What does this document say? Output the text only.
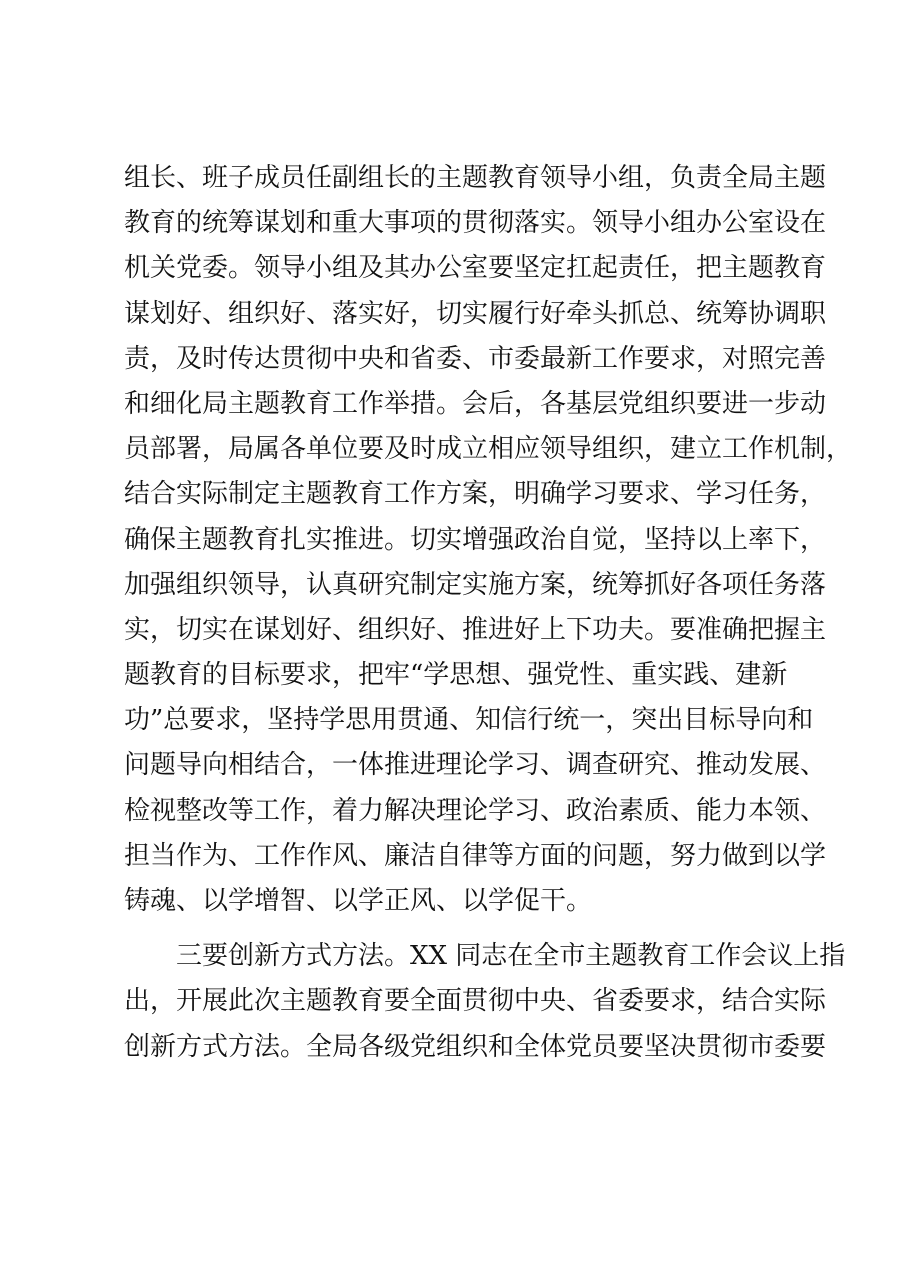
组长、班子成员任副组长的主题教育领导小组，负责全局主题
教育的统筹谋划和重大事项的贯彻落实。领导小组办公室设在
机关党委。领导小组及其办公室要坚定扛起责任，把主题教育
谋划好、组织好、落实好，切实履行好牵头抓总、统筹协调职
责，及时传达贯彻中央和省委、市委最新工作要求，对照完善
和细化局主题教育工作举措。会后，各基层党组织要进一步动
员部署，局属各单位要及时成立相应领导组织，建立工作机制，
结合实际制定主题教育工作方案，明确学习要求、学习任务，
确保主题教育扎实推进。切实增强政治自觉，坚持以上率下，
加强组织领导，认真研究制定实施方案，统筹抓好各项任务落
实，切实在谋划好、组织好、推进好上下功夫。要准确把握主
题教育的目标要求，把牢“学思想、强党性、重实践、建新
功”总要求，坚持学思用贯通、知信行统一，突出目标导向和
问题导向相结合，一体推进理论学习、调查研究、推动发展、
检视整改等工作，着力解决理论学习、政治素质、能力本领、
担当作为、工作作风、廉洁自律等方面的问题，努力做到以学
铸魂、以学增智、以学正风、以学促干。
三要创新方式方法。XX 同志在全市主题教育工作会议上指
出，开展此次主题教育要全面贯彻中央、省委要求，结合实际
创新方式方法。全局各级党组织和全体党员要坚决贯彻市委要
